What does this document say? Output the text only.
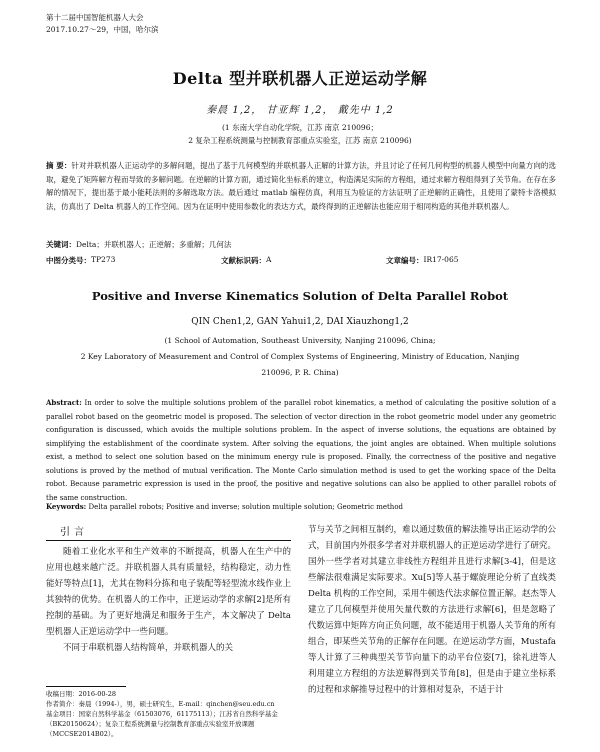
第十二届中国智能机器人大会
2017.10.27～29，中国，哈尔滨
Delta 型并联机器人正逆运动学解
秦晨 1,2， 甘亚辉 1,2， 戴先中 1,2
(1 东南大学自动化学院，江苏 南京 210096；
2 复杂工程系统测量与控制教育部重点实验室，江苏 南京 210096)
摘 要：针对并联机器人正运动学的多解问题，提出了基于几何模型的并联机器人正解的计算方法，并且讨论了任何几何构型的机器人模型中向量方向的选取，避免了矩阵解方程而导致的多解问题。在逆解的计算方面，通过简化坐标系的建立，构造满足实际的方程组，通过求解方程组得到了关节角。在存在多解的情况下，提出基于最小能耗法则的多解选取方法。最后通过 matlab 编程仿真，利用互为验证的方法证明了正逆解的正确性，且使用了蒙特卡洛模拟法，仿真出了 Delta 机器人的工作空间。因为在证明中使用参数化的表达方式，最终得到的正逆解法也能应用于相同构造的其他并联机器人。
关键词：Delta；并联机器人；正逆解；多重解；几何法
中图分类号： TP273	文献标识码： A	文章编号： IR17-065
Positive and Inverse Kinematics Solution of Delta Parallel Robot
QIN Chen1,2, GAN Yahui1,2, DAI Xiauzhong1,2
(1 School of Automation, Southeast University, Nanjing 210096, China;
2 Key Laboratory of Measurement and Control of Complex Systems of Engineering, Ministry of Education, Nanjing
210096, P. R. China)
Abstract: In order to solve the multiple solutions problem of the parallel robot kinematics, a method of calculating the positive solution of a parallel robot based on the geometric model is proposed. The selection of vector direction in the robot geometric model under any geometric configuration is discussed, which avoids the multiple solutions problem. In the aspect of inverse solutions, the equations are obtained by simplifying the establishment of the coordinate system. After solving the equations, the joint angles are obtained. When multiple solutions exist, a method to select one solution based on the minimum energy rule is proposed. Finally, the correctness of the positive and negative solutions is proved by the method of mutual verification. The Monte Carlo simulation method is used to get the working space of the Delta robot. Because parametric expression is used in the proof, the positive and negative solutions can also be applied to other parallel robots of the same construction.
Keywords: Delta parallel robots; Positive and inverse; solution multiple solution; Geometric method
引言

随着工业化水平和生产效率的不断提高，机器人在生产中的应用也越来越广泛。并联机器人具有质量轻，结构稳定，动力性能好等特点[1]，尤其在物料分拣和电子装配等轻型流水线作业上其独特的优势。在机器人的工作中，正逆运动学的求解[2]是所有控制的基础。为了更好地满足和服务于生产，本文解决了 Delta 型机器人正逆运动学中一些问题。

不同于串联机器人结构简单，并联机器人的关

节与关节之间相互制约，难以通过数值的解法推导出正运动学的公式，目前国内外很多学者对并联机器人的正逆运动学进行了研究。国外一些学者对其建立非线性方程组并且进行求解[3-4]，但是这些解法很难满足实际要求。Xu[5]等人基于螺旋理论分析了直线类 Delta 机构的工作空间，采用牛顿迭代法求解位置正解。赵杰等人建立了几何模型并使用矢量代数的方法进行求解[6]，但是忽略了代数运算中矩阵方向正负问题，故不能适用于机器人关节角的所有组合，即某些关节角的正解存在问题。在逆运动学方面，Mustafa 等人计算了三种典型关节节向量下的动平台位姿[7]，徐礼进等人利用建立方程组的方法逆解得到关节角[8]，但是由于建立坐标系的过程和求解推导过程中的计算相对复杂，不适于计

收稿日期：2016-00-28
作者简介：秦晨（1994-），男，硕士研究生，E-mail：qinchen@seu.edu.cn
基金项目：国家自然科学基金（61503076，61175113）；江苏省自然科学基金（BK20150624）；复杂工程系统测量与控制教育部重点实验室开放课题（MCCSE2014B02）。
